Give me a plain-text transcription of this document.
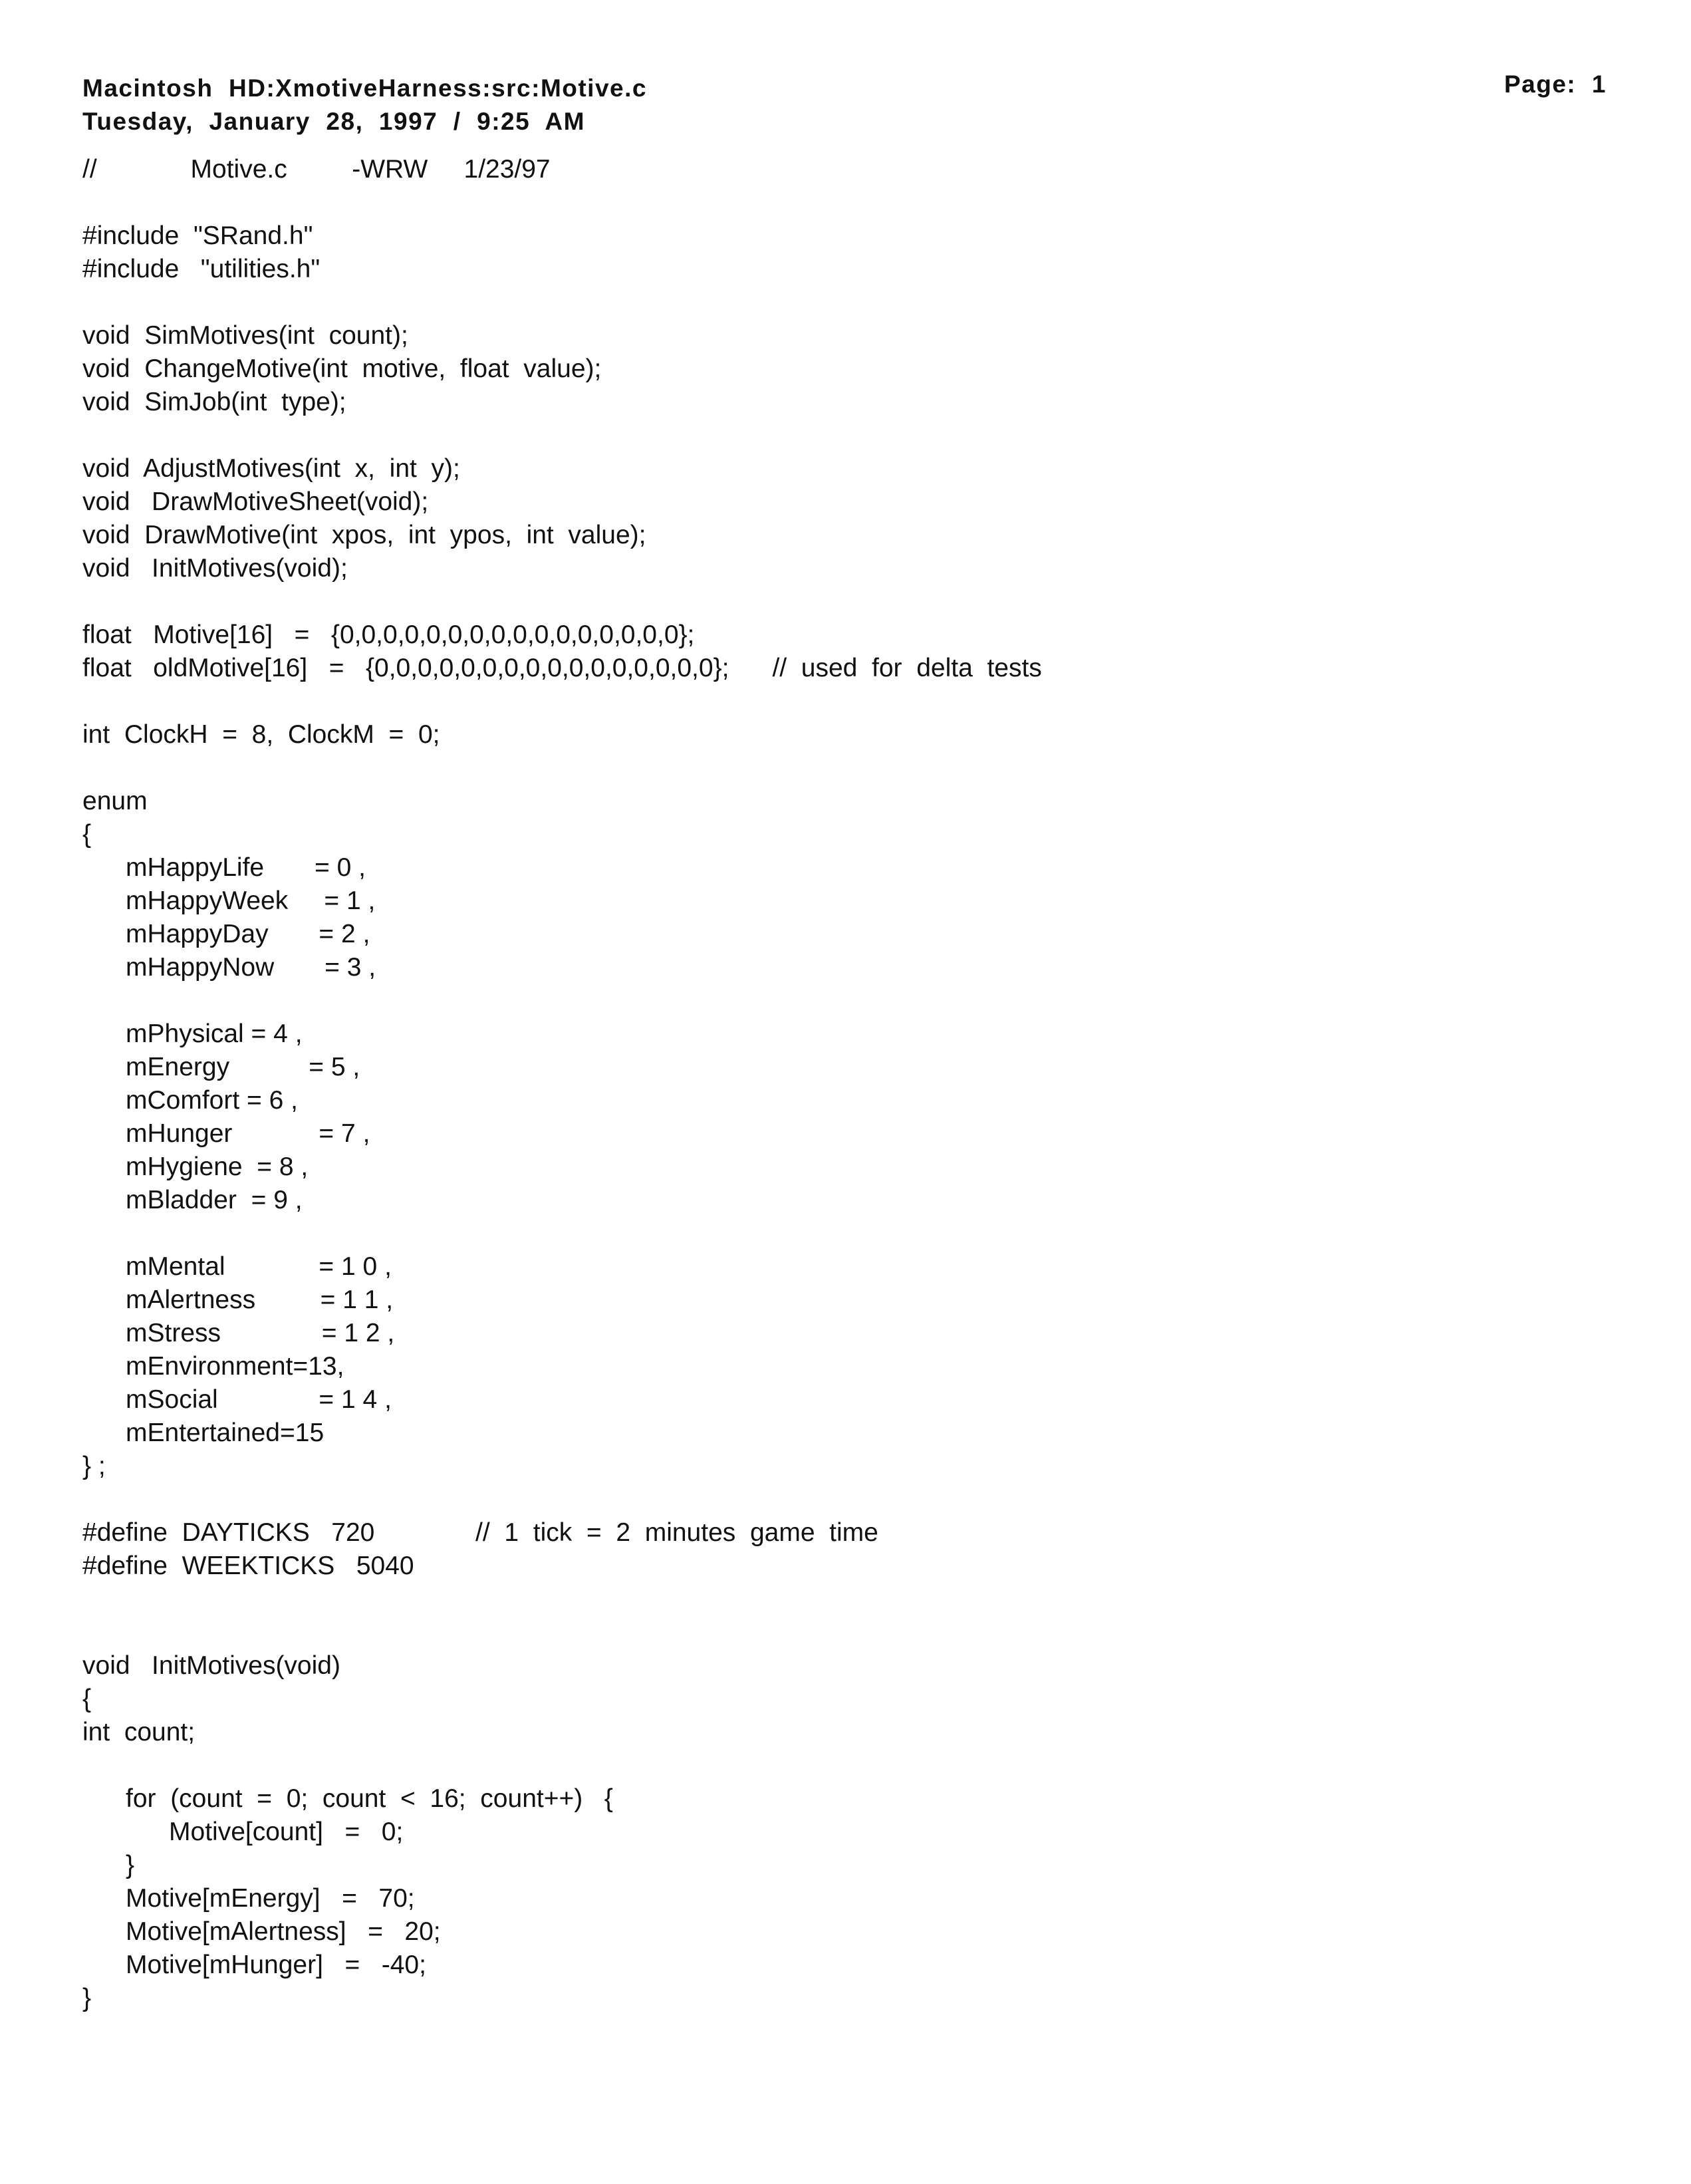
Macintosh  HD:XmotiveHarness:src:Motive.c
Tuesday,  January  28,  1997  /  9:25  AM
Page:  1
//             Motive.c         -WRW     1/23/97
#include  "SRand.h"
#include   "utilities.h"
void  SimMotives(int  count);
void  ChangeMotive(int  motive,  float  value);
void  SimJob(int  type);
void  AdjustMotives(int  x,  int  y);
void   DrawMotiveSheet(void);
void  DrawMotive(int  xpos,  int  ypos,  int  value);
void   InitMotives(void);
float   Motive[16]   =   {0,0,0,0,0,0,0,0,0,0,0,0,0,0,0,0};
float   oldMotive[16]   =   {0,0,0,0,0,0,0,0,0,0,0,0,0,0,0,0};      //  used  for  delta  tests
int  ClockH  =  8,  ClockM  =  0;
enum
{
mHappyLife       = 0 ,
mHappyWeek     = 1 ,
mHappyDay       = 2 ,
mHappyNow       = 3 ,
mPhysical = 4 ,
mEnergy           = 5 ,
mComfort = 6 ,
mHunger            = 7 ,
mHygiene  = 8 ,
mBladder  = 9 ,
mMental             = 1 0 ,
mAlertness         = 1 1 ,
mStress              = 1 2 ,
mEnvironment=13,
mSocial              = 1 4 ,
mEntertained=15
} ;
#define  DAYTICKS   720              //  1  tick  =  2  minutes  game  time
#define  WEEKTICKS   5040
void   InitMotives(void)
{
int  count;
for  (count  =  0;  count  <  16;  count++)   {
Motive[count]   =   0;
}
Motive[mEnergy]   =   70;
Motive[mAlertness]   =   20;
Motive[mHunger]   =   -40;
}
